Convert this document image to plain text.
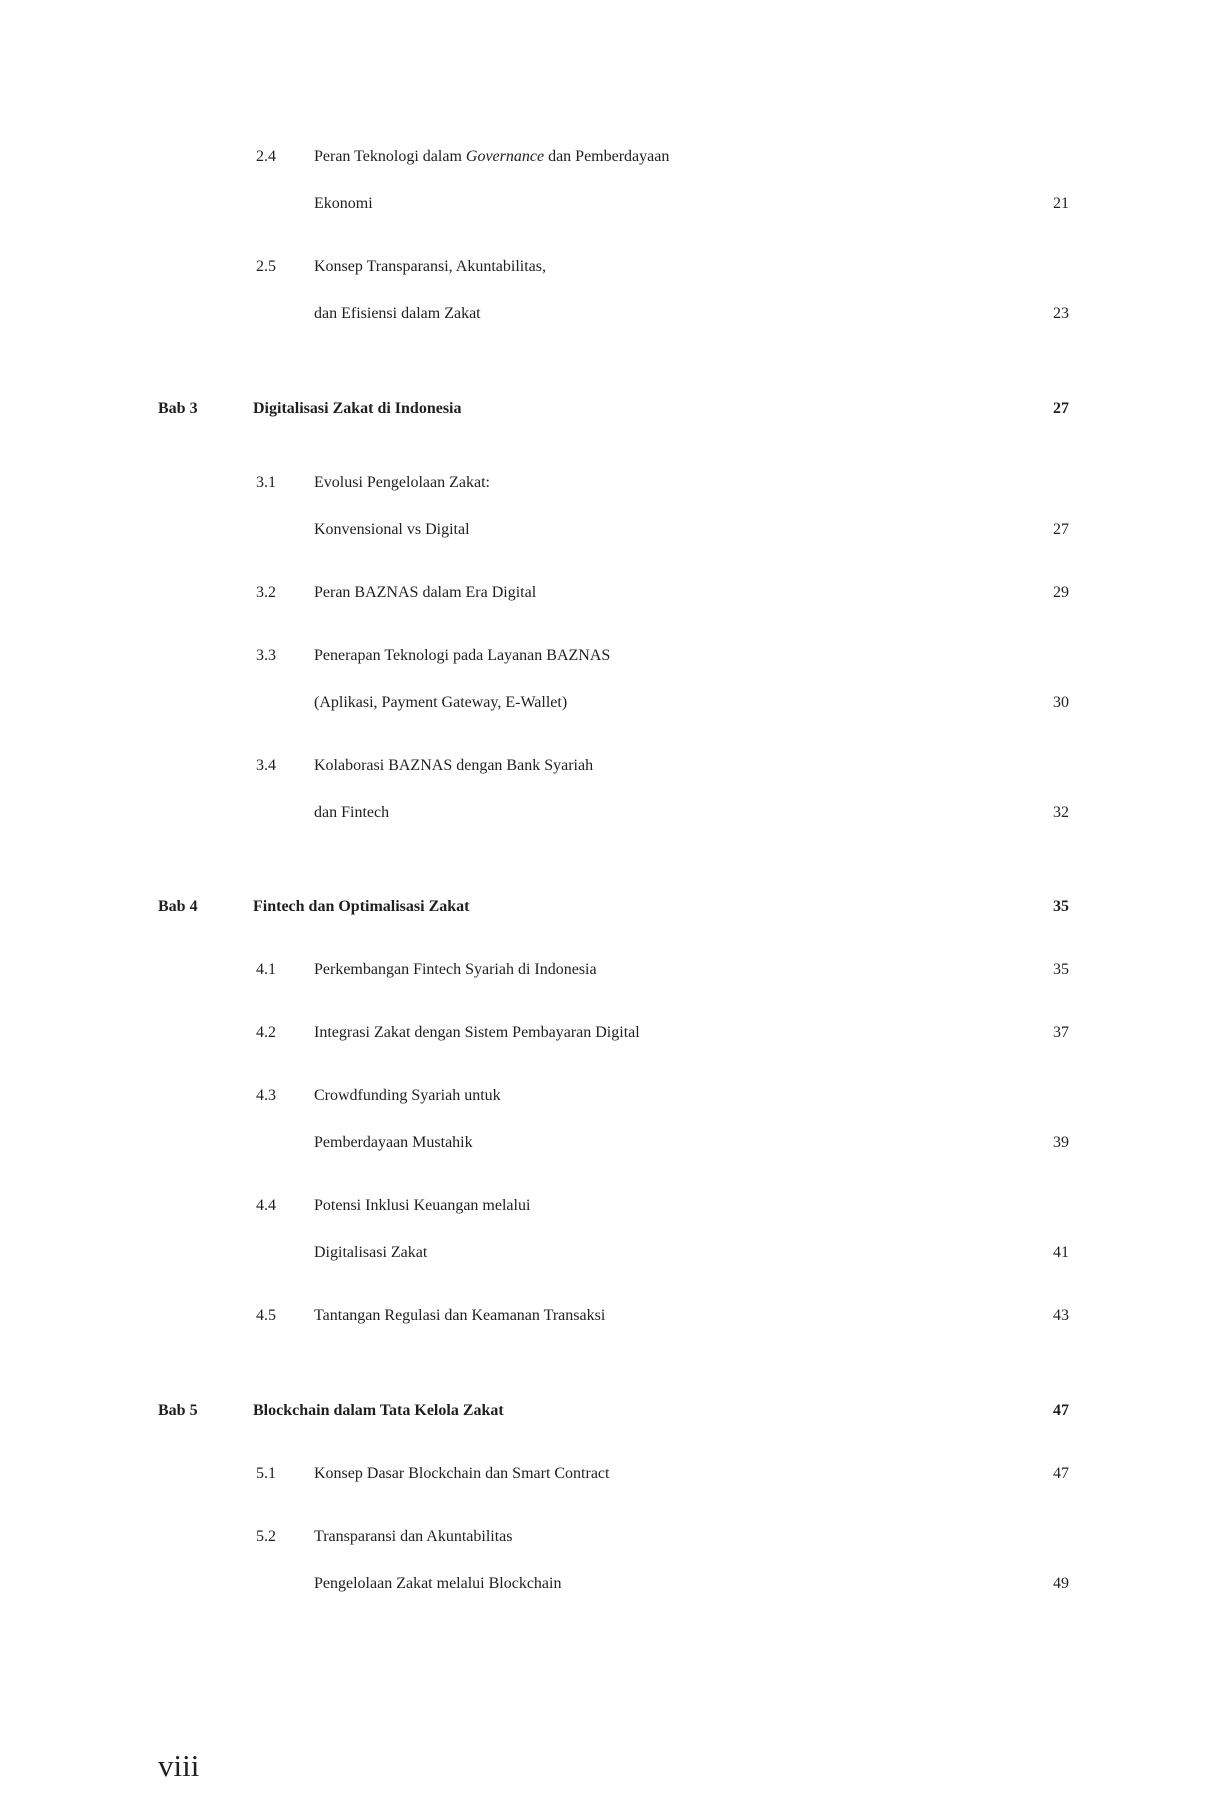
2.4 Peran Teknologi dalam Governance dan Pemberdayaan
Ekonomi	21
2.5 Konsep Transparansi, Akuntabilitas,
dan Efisiensi dalam Zakat	23
Bab 3	Digitalisasi Zakat di Indonesia	27
3.1 Evolusi Pengelolaan Zakat:
Konvensional vs Digital	27
3.2 Peran BAZNAS dalam Era Digital	29
3.3 Penerapan Teknologi pada Layanan BAZNAS
(Aplikasi, Payment Gateway, E-Wallet)	30
3.4 Kolaborasi BAZNAS dengan Bank Syariah
dan Fintech	32
Bab 4	Fintech dan Optimalisasi Zakat	35
4.1 Perkembangan Fintech Syariah di Indonesia	35
4.2 Integrasi Zakat dengan Sistem Pembayaran Digital	37
4.3 Crowdfunding Syariah untuk
Pemberdayaan Mustahik	39
4.4 Potensi Inklusi Keuangan melalui
Digitalisasi Zakat	41
4.5 Tantangan Regulasi dan Keamanan Transaksi	43
Bab 5	Blockchain dalam Tata Kelola Zakat	47
5.1 Konsep Dasar Blockchain dan Smart Contract	47
5.2 Transparansi dan Akuntabilitas
Pengelolaan Zakat melalui Blockchain	49
viii
